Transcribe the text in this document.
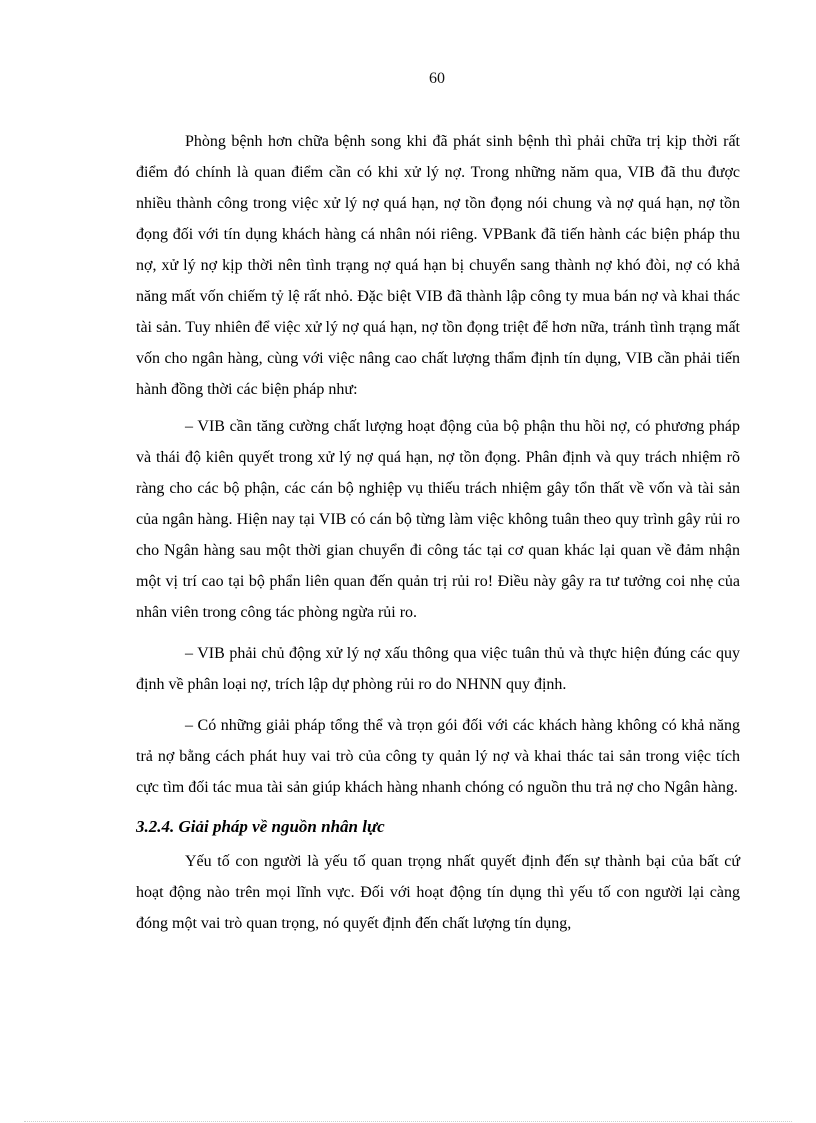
60

Phòng bệnh hơn chữa bệnh song khi đã phát sinh bệnh thì phải chữa trị kịp thời rất điểm đó chính là quan điểm cần có khi xử lý nợ. Trong những năm qua, VIB đã thu được nhiều thành công trong việc xử lý nợ quá hạn, nợ tồn đọng nói chung và nợ quá hạn, nợ tồn đọng đối với tín dụng khách hàng cá nhân nói riêng. VPBank đã tiến hành các biện pháp thu nợ, xử lý nợ kịp thời nên tình trạng nợ quá hạn bị chuyển sang thành nợ khó đòi, nợ có khả năng mất vốn chiếm tỷ lệ rất nhỏ. Đặc biệt VIB đã thành lập công ty mua bán nợ và khai thác tài sản. Tuy nhiên để việc xử lý nợ quá hạn, nợ tồn đọng triệt để hơn nữa, tránh tình trạng mất vốn cho ngân hàng, cùng với việc nâng cao chất lượng thẩm định tín dụng, VIB cần phải tiến hành đồng thời các biện pháp như:

– VIB cần tăng cường chất lượng hoạt động của bộ phận thu hồi nợ, có phương pháp và thái độ kiên quyết trong xử lý nợ quá hạn, nợ tồn đọng. Phân định và quy trách nhiệm rõ ràng cho các bộ phận, các cán bộ nghiệp vụ thiếu trách nhiệm gây tổn thất về vốn và tài sản của ngân hàng. Hiện nay tại VIB có cán bộ từng làm việc không tuân theo quy trình gây rủi ro cho Ngân hàng sau một thời gian chuyển đi công tác tại cơ quan khác lại quan về đảm nhận một vị trí cao tại bộ phẩn liên quan đến quản trị rủi ro! Điều này gây ra tư tưởng coi nhẹ của nhân viên trong công tác phòng ngừa rủi ro.

– VIB phải chủ động xử lý nợ xấu thông qua việc tuân thủ và thực hiện đúng các quy định về phân loại nợ, trích lập dự phòng rủi ro do NHNN quy định.

– Có những giải pháp tổng thể và trọn gói đối với các khách hàng không có khả năng trả nợ bằng cách phát huy vai trò của công ty quản lý nợ và khai thác tai sản trong việc tích cực tìm đối tác mua tài sản giúp khách hàng nhanh chóng có nguồn thu trả nợ cho Ngân hàng.

3.2.4. Giải pháp về nguồn nhân lực

Yếu tố con người là yếu tố quan trọng nhất quyết định đến sự thành bại của bất cứ hoạt động nào trên mọi lĩnh vực. Đối với hoạt động tín dụng thì yếu tố con người lại càng đóng một vai trò quan trọng, nó quyết định đến chất lượng tín dụng,
